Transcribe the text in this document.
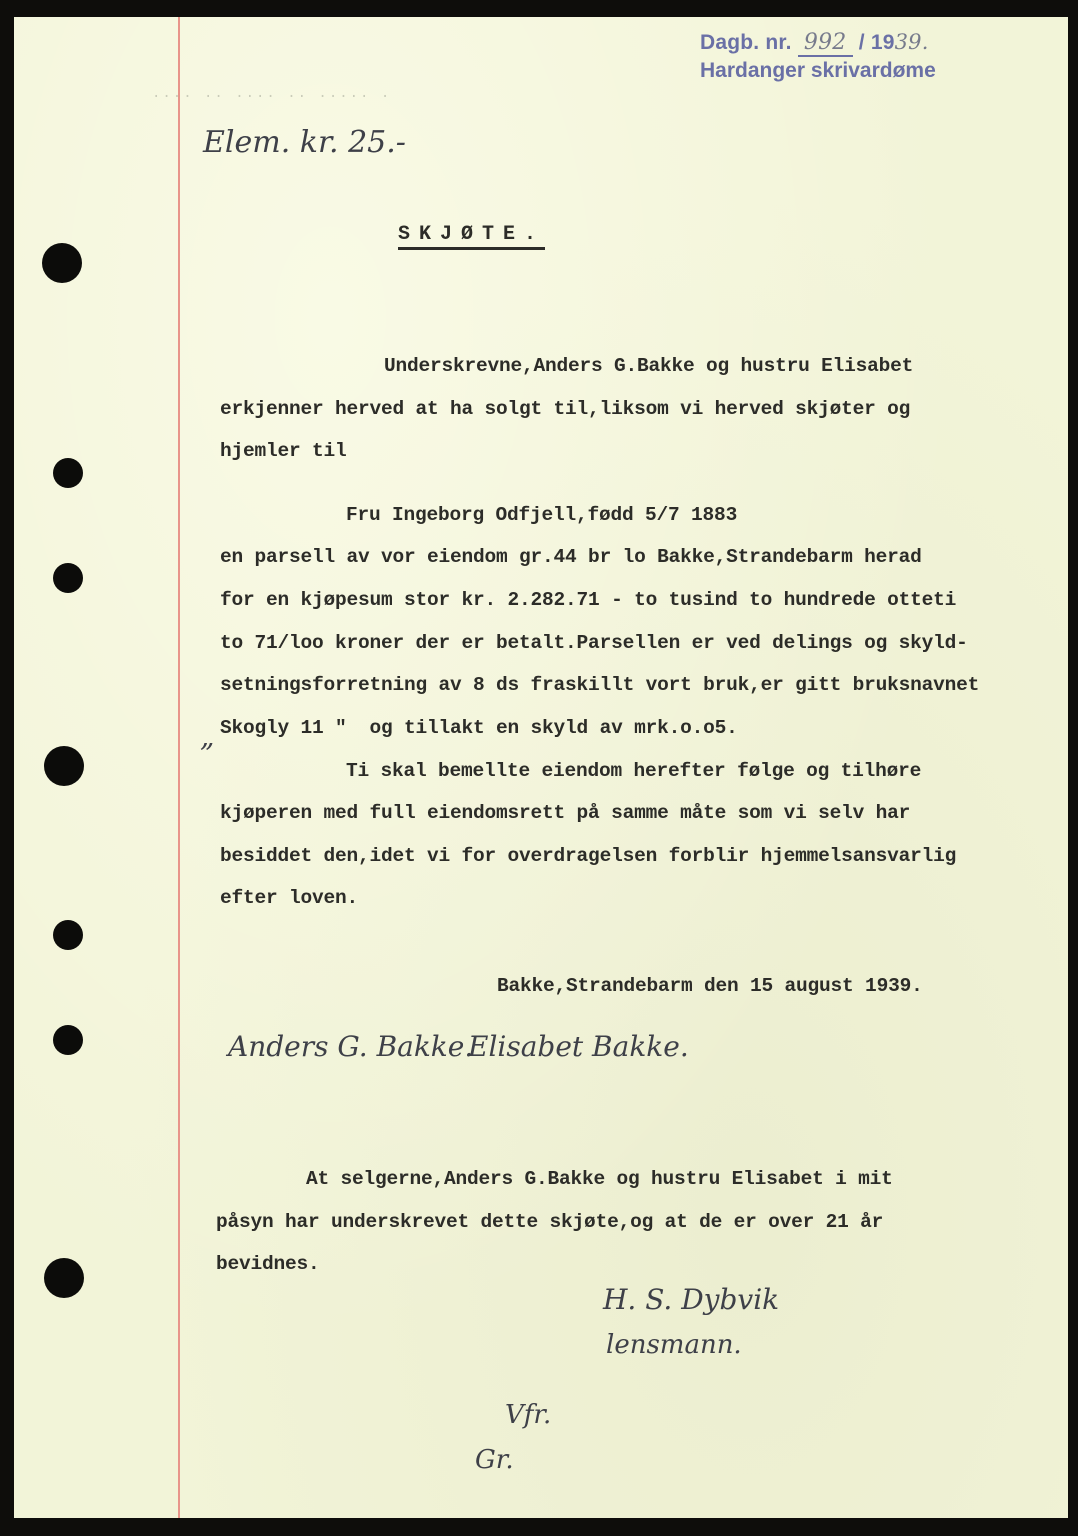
Dagb. nr. 992 / 1939.
Hardanger skrivardøme
···· ·· ···· ·· ····· ·
Elem. kr. 25.-
SKJØTE.
Underskrevne,Anders G.Bakke og hustru Elisabet
erkjenner herved at ha solgt til,liksom vi herved skjøter og
hjemler til
Fru Ingeborg Odfjell,fødd 5/7 1883
en parsell av vor eiendom gr.44 br lo Bakke,Strandebarm herad
for en kjøpesum stor kr. 2.282.71 - to tusind to hundrede otteti
to 71/loo kroner der er betalt.Parsellen er ved delings og skyld-
setningsforretning av 8 ds fraskillt vort bruk,er gitt bruksnavnet
Skogly 11 "  og tillakt en skyld av mrk.o.o5.
„
Ti skal bemellte eiendom herefter følge og tilhøre
kjøperen med full eiendomsrett på samme måte som vi selv har
besiddet den,idet vi for overdragelsen forblir hjemmelsansvarlig
efter loven.
Bakke,Strandebarm den 15 august 1939.
Anders G. Bakke.
Elisabet Bakke.
At selgerne,Anders G.Bakke og hustru Elisabet i mit
påsyn har underskrevet dette skjøte,og at de er over 21 år
bevidnes.
H. S. Dybvik
lensmann.
Vfr.
Gr.
